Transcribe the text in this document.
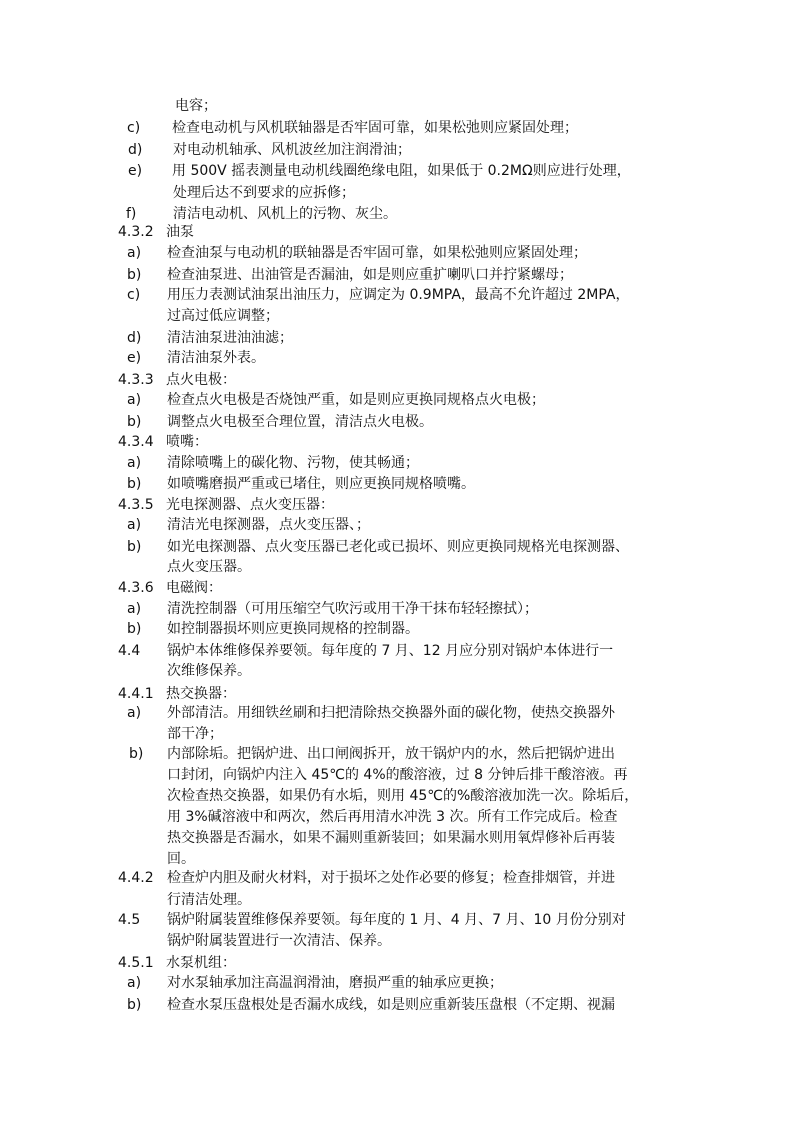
电容；
c) 检查电动机与风机联轴器是否牢固可靠，如果松弛则应紧固处理；
d) 对电动机轴承、风机波丝加注润滑油；
e) 用 500V 摇表测量电动机线圈绝缘电阻，如果低于 0.2MΩ则应进行处理，
处理后达不到要求的应拆修；
f)	清洁电动机、风机上的污物、灰尘。
4.3.2 油泵
a) 检查油泵与电动机的联轴器是否牢固可靠，如果松弛则应紧固处理；
b) 检查油泵进、出油管是否漏油，如是则应重扩喇叭口并拧紧螺母；
c) 用压力表测试油泵出油压力，应调定为 0.9MPA，最高不允许超过 2MPA，
过高过低应调整；
d) 清洁油泵进油油滤；
e) 清洁油泵外表。
4.3.3 点火电极：
a) 检查点火电极是否烧蚀严重，如是则应更换同规格点火电极；
b) 调整点火电极至合理位置，清洁点火电极。
4.3.4 喷嘴：
a) 清除喷嘴上的碳化物、污物，使其畅通；
b) 如喷嘴磨损严重或已堵住，则应更换同规格喷嘴。
4.3.5 光电探测器、点火变压器：
a) 清洁光电探测器，点火变压器、；
b) 如光电探测器、点火变压器已老化或已损坏、则应更换同规格光电探测器、
点火变压器。
4.3.6 电磁阀：
a) 清洗控制器（可用压缩空气吹污或用干净干抹布轻轻擦拭）；
b) 如控制器损坏则应更换同规格的控制器。
4.4 锅炉本体维修保养要领。每年度的 7 月、12 月应分别对锅炉本体进行一
次维修保养。
4.4.1 热交换器：
a) 外部清洁。用细铁丝刷和扫把清除热交换器外面的碳化物，使热交换器外
部干净；
b) 内部除垢。把锅炉进、出口闸阀拆开，放干锅炉内的水，然后把锅炉进出
口封闭，向锅炉内注入 45℃的 4%的酸溶液，过 8 分钟后排干酸溶液。再
次检查热交换器，如果仍有水垢，则用 45℃的%酸溶液加洗一次。除垢后，
用 3%碱溶液中和两次，然后再用清水冲洗 3 次。所有工作完成后。检查
热交换器是否漏水，如果不漏则重新装回；如果漏水则用氧焊修补后再装
回。
4.4.2 检查炉内胆及耐火材料，对于损坏之处作必要的修复；检查排烟管，并进
行清洁处理。
4.5 锅炉附属装置维修保养要领。每年度的 1 月、4 月、7 月、10 月份分别对
锅炉附属装置进行一次清洁、保养。
4.5.1 水泵机组：
a) 对水泵轴承加注高温润滑油，磨损严重的轴承应更换；
b) 检查水泵压盘根处是否漏水成线，如是则应重新装压盘根（不定期、视漏
